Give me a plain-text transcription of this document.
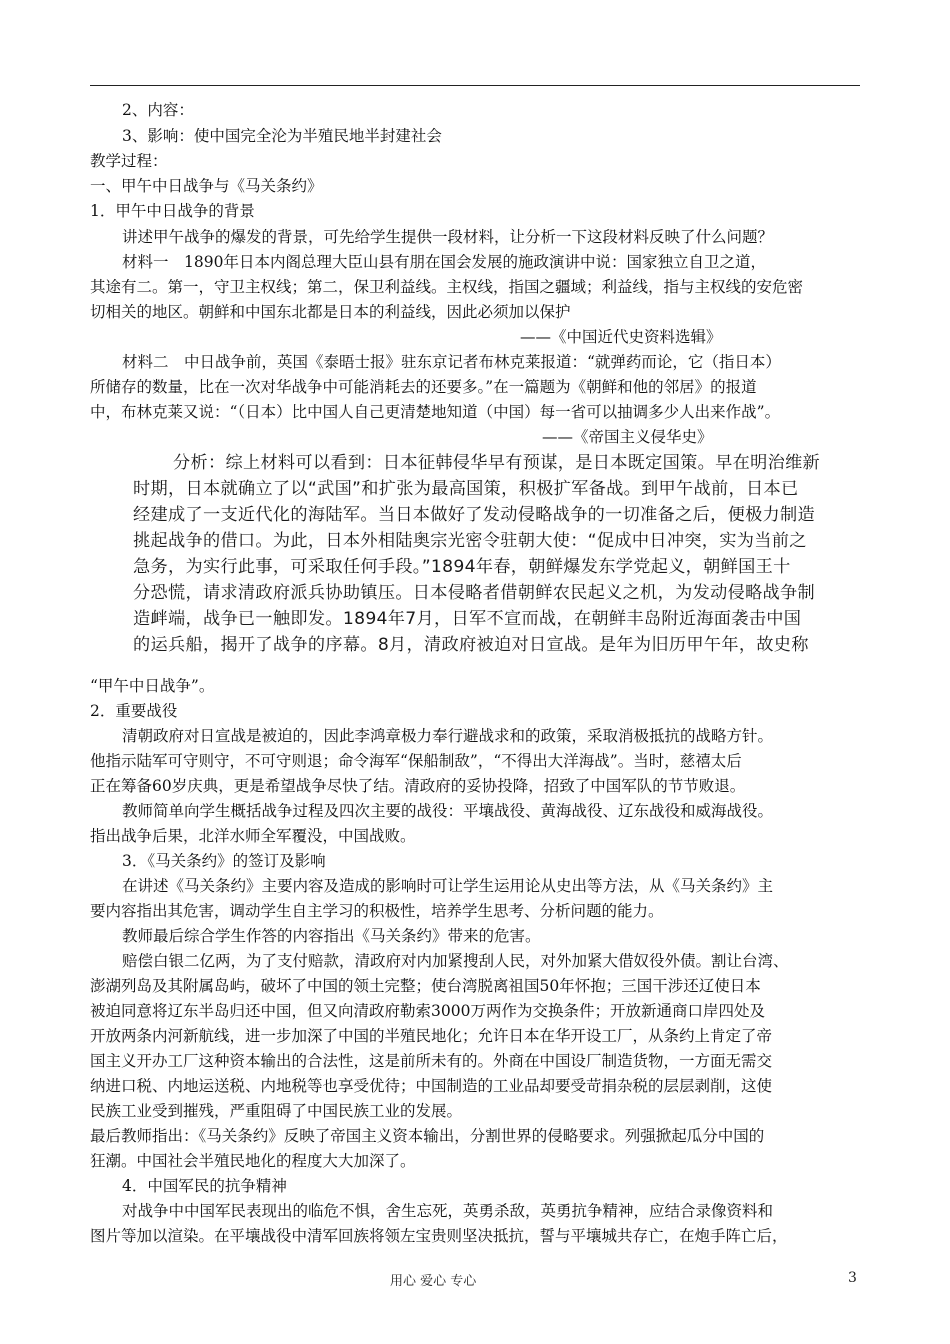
2、内容：
3、影响：使中国完全沦为半殖民地半封建社会
教学过程：
一、甲午中日战争与《马关条约》
1．甲午中日战争的背景
讲述甲午战争的爆发的背景，可先给学生提供一段材料，让分析一下这段材料反映了什么问题？
材料一　1890年日本内阁总理大臣山县有朋在国会发展的施政演讲中说：国家独立自卫之道，
其途有二。第一，守卫主权线；第二，保卫利益线。主权线，指国之疆域；利益线，指与主权线的安危密
切相关的地区。朝鲜和中国东北都是日本的利益线，因此必须加以保护
——《中国近代史资料选辑》
材料二　中日战争前，英国《泰晤士报》驻东京记者布林克莱报道：“就弹药而论，它（指日本）
所储存的数量，比在一次对华战争中可能消耗去的还要多。”在一篇题为《朝鲜和他的邻居》的报道
中，布林克莱又说：“（日本）比中国人自己更清楚地知道（中国）每一省可以抽调多少人出来作战”。
——《帝国主义侵华史》
分析：综上材料可以看到：日本征韩侵华早有预谋，是日本既定国策。早在明治维新
时期，日本就确立了以“武国”和扩张为最高国策，积极扩军备战。到甲午战前，日本已
经建成了一支近代化的海陆军。当日本做好了发动侵略战争的一切准备之后，便极力制造
挑起战争的借口。为此，日本外相陆奥宗光密令驻朝大使：“促成中日冲突，实为当前之
急务，为实行此事，可采取任何手段。”1894年春，朝鲜爆发东学党起义，朝鲜国王十
分恐慌，请求清政府派兵协助镇压。日本侵略者借朝鲜农民起义之机，为发动侵略战争制
造衅端，战争已一触即发。1894年7月，日军不宣而战，在朝鲜丰岛附近海面袭击中国
的运兵船，揭开了战争的序幕。8月，清政府被迫对日宣战。是年为旧历甲午年，故史称
“甲午中日战争”。
2．重要战役
清朝政府对日宣战是被迫的，因此李鸿章极力奉行避战求和的政策，采取消极抵抗的战略方针。
他指示陆军可守则守，不可守则退；命令海军“保船制敌”，“不得出大洋海战”。当时，慈禧太后
正在筹备60岁庆典，更是希望战争尽快了结。清政府的妥协投降，招致了中国军队的节节败退。
教师简单向学生概括战争过程及四次主要的战役：平壤战役、黄海战役、辽东战役和威海战役。
指出战争后果，北洋水师全军覆没，中国战败。
3．《马关条约》的签订及影响
在讲述《马关条约》主要内容及造成的影响时可让学生运用论从史出等方法，从《马关条约》主
要内容指出其危害，调动学生自主学习的积极性，培养学生思考、分析问题的能力。
教师最后综合学生作答的内容指出《马关条约》带来的危害。
赔偿白银二亿两，为了支付赔款，清政府对内加紧搜刮人民，对外加紧大借奴役外债。割让台湾、
澎湖列岛及其附属岛屿，破坏了中国的领土完整；使台湾脱离祖国50年怀抱；三国干涉还辽使日本
被迫同意将辽东半岛归还中国，但又向清政府勒索3000万两作为交换条件；开放新通商口岸四处及
开放两条内河新航线，进一步加深了中国的半殖民地化；允许日本在华开设工厂，从条约上肯定了帝
国主义开办工厂这种资本输出的合法性，这是前所未有的。外商在中国设厂制造货物，一方面无需交
纳进口税、内地运送税、内地税等也享受优待；中国制造的工业品却要受苛捐杂税的层层剥削，这使
民族工业受到摧残，严重阻碍了中国民族工业的发展。
最后教师指出：《马关条约》反映了帝国主义资本输出，分割世界的侵略要求。列强掀起瓜分中国的
狂潮。中国社会半殖民地化的程度大大加深了。
4．中国军民的抗争精神
对战争中中国军民表现出的临危不惧，舍生忘死，英勇杀敌，英勇抗争精神，应结合录像资料和
图片等加以渲染。在平壤战役中清军回族将领左宝贵则坚决抵抗，誓与平壤城共存亡，在炮手阵亡后，
用心 爱心 专心	3
